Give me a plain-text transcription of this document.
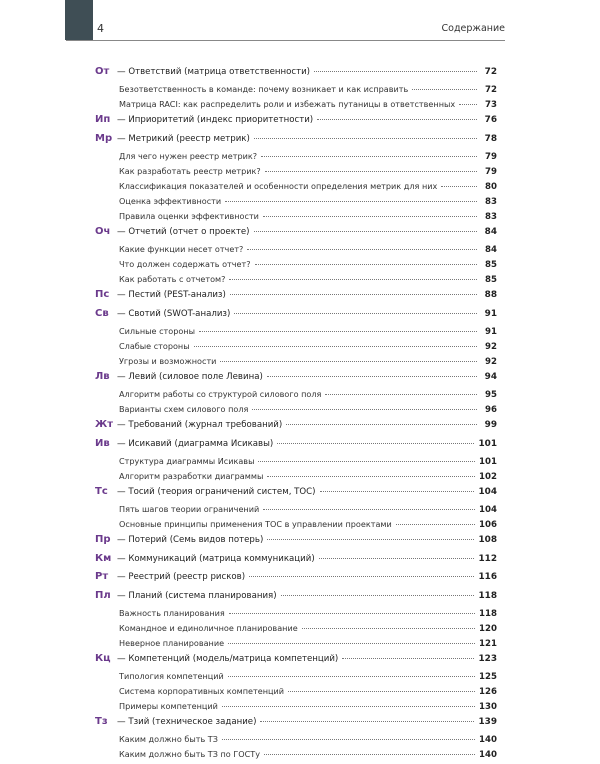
4	Содержание
От — Ответствий (матрица ответственности)	72
Безответственность в команде: почему возникает и как исправить	72
Матрица RACI: как распределить роли и избежать путаницы в ответственных	73
Ип — Иприоритетий (индекс приоритетности)	76
Мр — Метрикий (реестр метрик)	78
Для чего нужен реестр метрик?	79
Как разработать реестр метрик?	79
Классификация показателей и особенности определения метрик для них	80
Оценка эффективности	83
Правила оценки эффективности	83
Оч — Отчетий (отчет о проекте)	84
Какие функции несет отчет?	84
Что должен содержать отчет?	85
Как работать с отчетом?	85
Пс — Пестий (PEST-анализ)	88
Св — Свотий (SWOT-анализ)	91
Сильные стороны	91
Слабые стороны	92
Угрозы и возможности	92
Лв — Левий (силовое поле Левина)	94
Алгоритм работы со структурой силового поля	95
Варианты схем силового поля	96
Жт — Требований (журнал требований)	99
Ив — Исикавий (диаграмма Исикавы)	101
Структура диаграммы Исикавы	101
Алгоритм разработки диаграммы	102
Тс	— Тосий (теория ограничений систем, ТОС)	104
Пять шагов теории ограничений	104
Основные принципы применения TOC в управлении проектами	106
Пр — Потерий (Семь видов потерь)	108
Км — Коммуникаций (матрица коммуникаций)	112
Рт	— Реестрий (реестр рисков)	116
Пл — Планий (система планирования)	118
Важность планирования	118
Командное и единоличное планирование	120
Неверное планирование	121
Кц — Компетенций (модель/матрица компетенций)	123
Типология компетенций	125
Система корпоративных компетенций	126
Примеры компетенций	130
Тз	— Тзий (техническое задание)	139
Каким должно быть ТЗ	140
Каким должно быть ТЗ по ГОСТу	140
